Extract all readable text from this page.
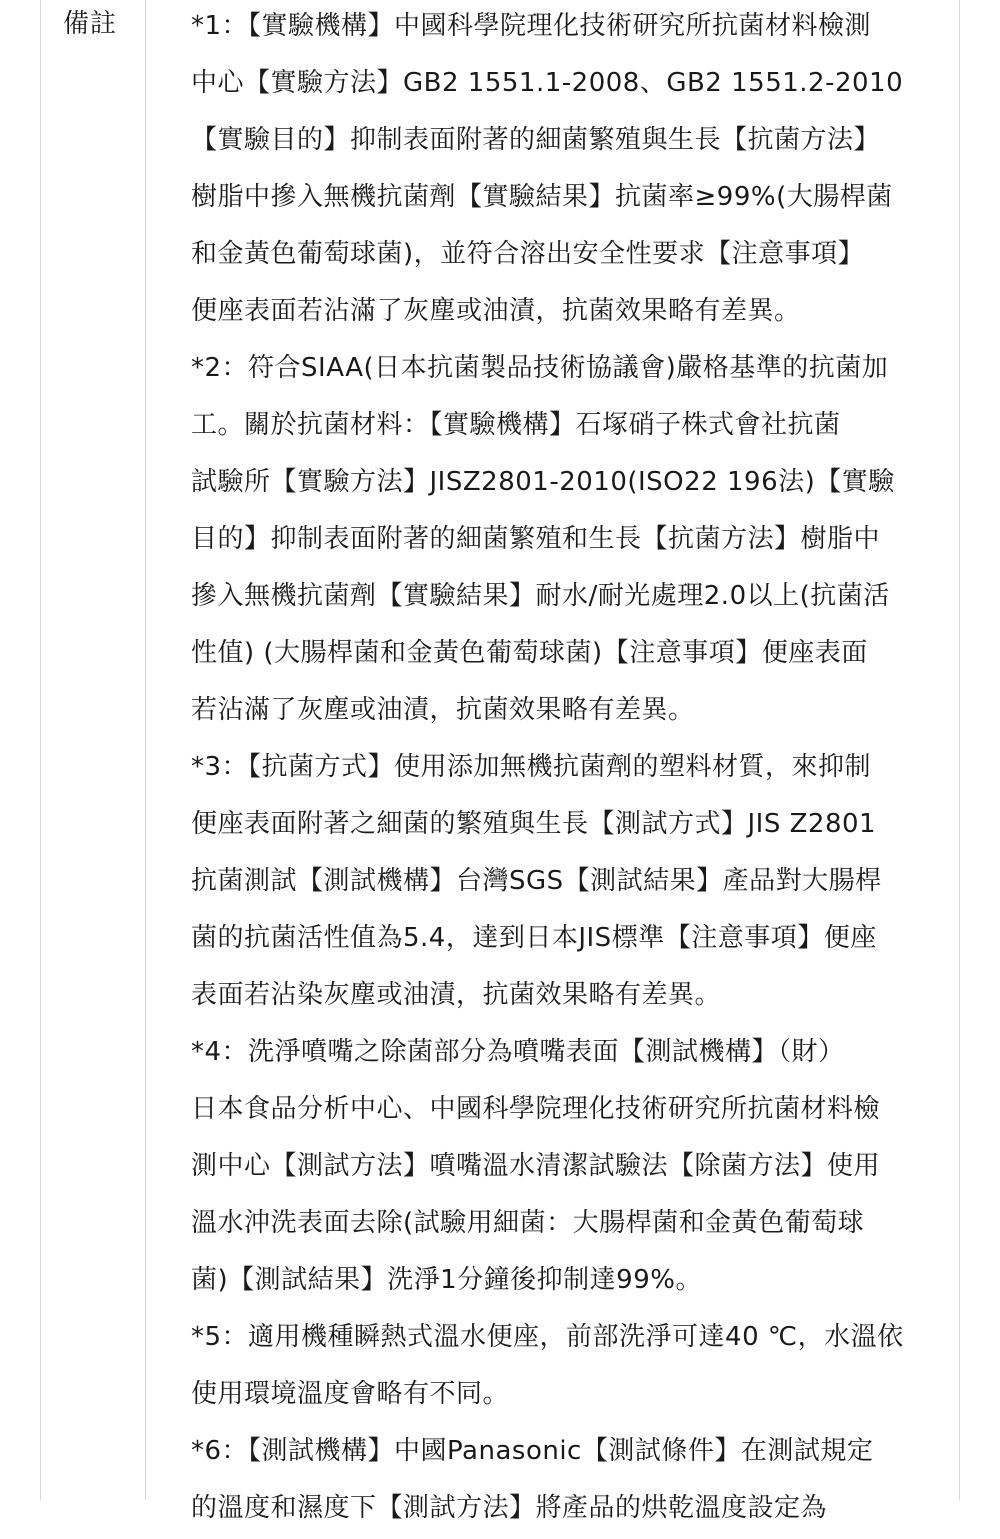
備註	*1：【實驗機構】中國科學院理化技術研究所抗菌材料檢測
中心【實驗方法】GB2 1551.1-2008、GB2 1551.2-2010
【實驗目的】抑制表面附著的細菌繁殖與生長【抗菌方法】
樹脂中摻入無機抗菌劑【實驗結果】抗菌率≥99%(大腸桿菌
和金黃色葡萄球菌)，並符合溶出安全性要求【注意事項】
便座表面若沾滿了灰塵或油漬，抗菌效果略有差異。
*2：符合SIAA(日本抗菌製品技術協議會)嚴格基準的抗菌加
工。關於抗菌材料：【實驗機構】石塚硝子株式會社抗菌
試驗所【實驗方法】JISZ2801-2010(ISO22 196法)【實驗
目的】抑制表面附著的細菌繁殖和生長【抗菌方法】樹脂中
摻入無機抗菌劑【實驗結果】耐水/耐光處理2.0以上(抗菌活
性值) (大腸桿菌和金黃色葡萄球菌)【注意事項】便座表面
若沾滿了灰塵或油漬，抗菌效果略有差異。
*3：【抗菌方式】使用添加無機抗菌劑的塑料材質，來抑制
便座表面附著之細菌的繁殖與生長【測試方式】JIS Z2801
抗菌測試【測試機構】台灣SGS【測試結果】產品對大腸桿
菌的抗菌活性值為5.4，達到日本JIS標準【注意事項】便座
表面若沾染灰塵或油漬，抗菌效果略有差異。
*4：洗淨噴嘴之除菌部分為噴嘴表面【測試機構】（財）
日本食品分析中心、中國科學院理化技術研究所抗菌材料檢
測中心【測試方法】噴嘴溫水清潔試驗法【除菌方法】使用
溫水沖洗表面去除(試驗用細菌：大腸桿菌和金黃色葡萄球
菌)【測試結果】洗淨1分鐘後抑制達99%。
*5：適用機種瞬熱式溫水便座，前部洗淨可達40 ℃，水溫依
使用環境溫度會略有不同。
*6：【測試機構】中國Panasonic【測試條件】在測試規定
的溫度和濕度下【測試方法】將產品的烘乾溫度設定為
